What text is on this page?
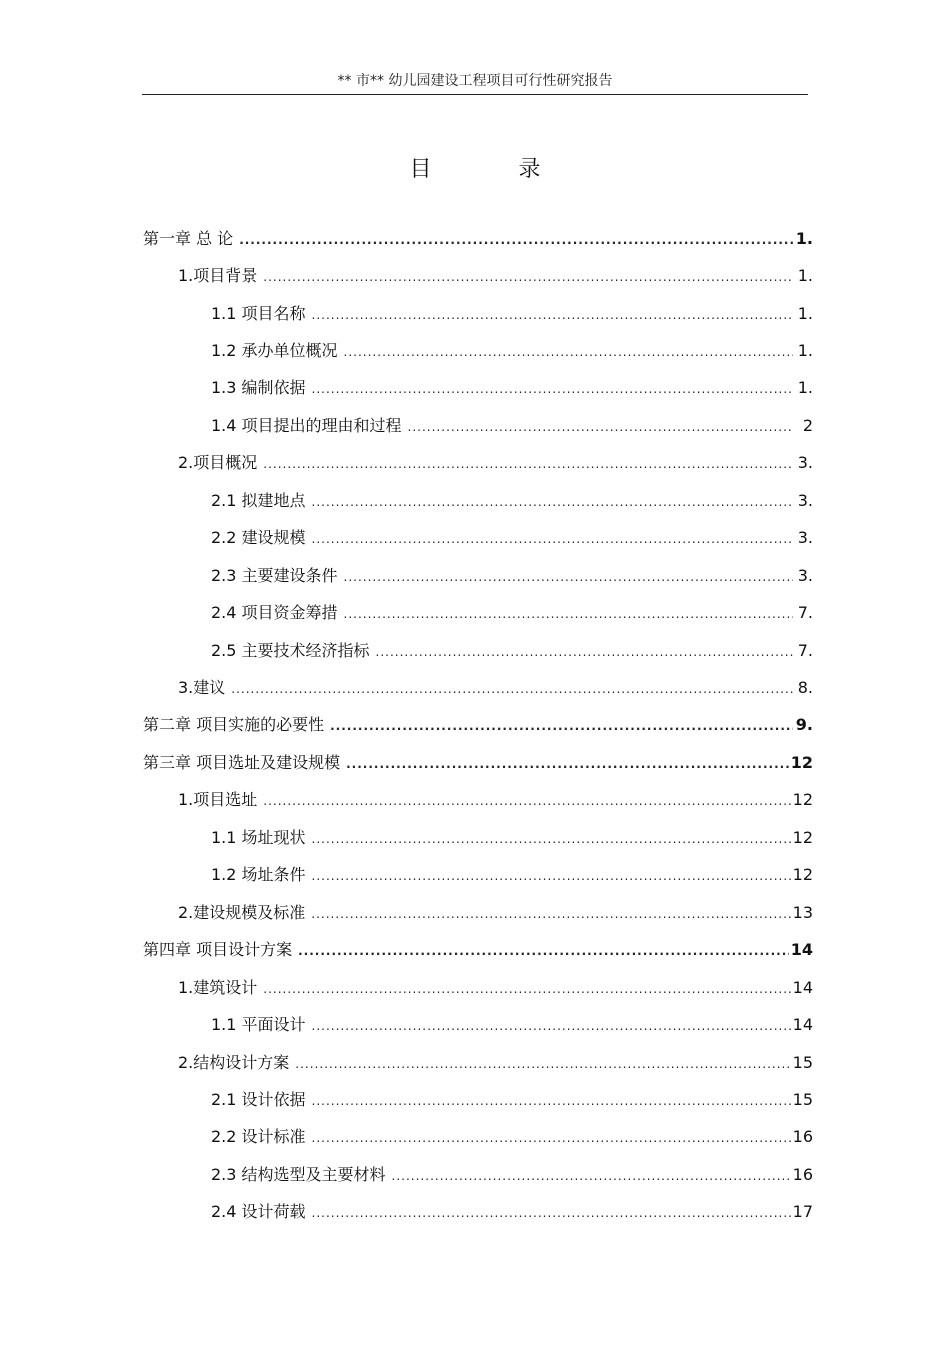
** 市** 幼儿园建设工程项目可行性研究报告
目 录
第一章 总 论 .....	1.
1.项目背景 .....	1.
1.1 项目名称 .....	1.
1.2 承办单位概况 .....	1.
1.3 编制依据 .....	1.
1.4 项目提出的理由和过程 .....	2
2.项目概况 .....	3.
2.1 拟建地点 .....	3.
2.2 建设规模 .....	3.
2.3 主要建设条件 .....	3.
2.4 项目资金筹措 .....	7.
2.5 主要技术经济指标 .....	7.
3.建议 .....	8.
第二章 项目实施的必要性 .....	9.
第三章 项目选址及建设规模 .....	12
1.项目选址 .....	12
1.1 场址现状 .....	12
1.2 场址条件 .....	12
2.建设规模及标准 .....	13
第四章 项目设计方案 .....	14
1.建筑设计 .....	14
1.1 平面设计 .....	14
2.结构设计方案 .....	15
2.1 设计依据 .....	15
2.2 设计标准 .....	16
2.3 结构选型及主要材料 .....	16
2.4 设计荷载 .....	17
